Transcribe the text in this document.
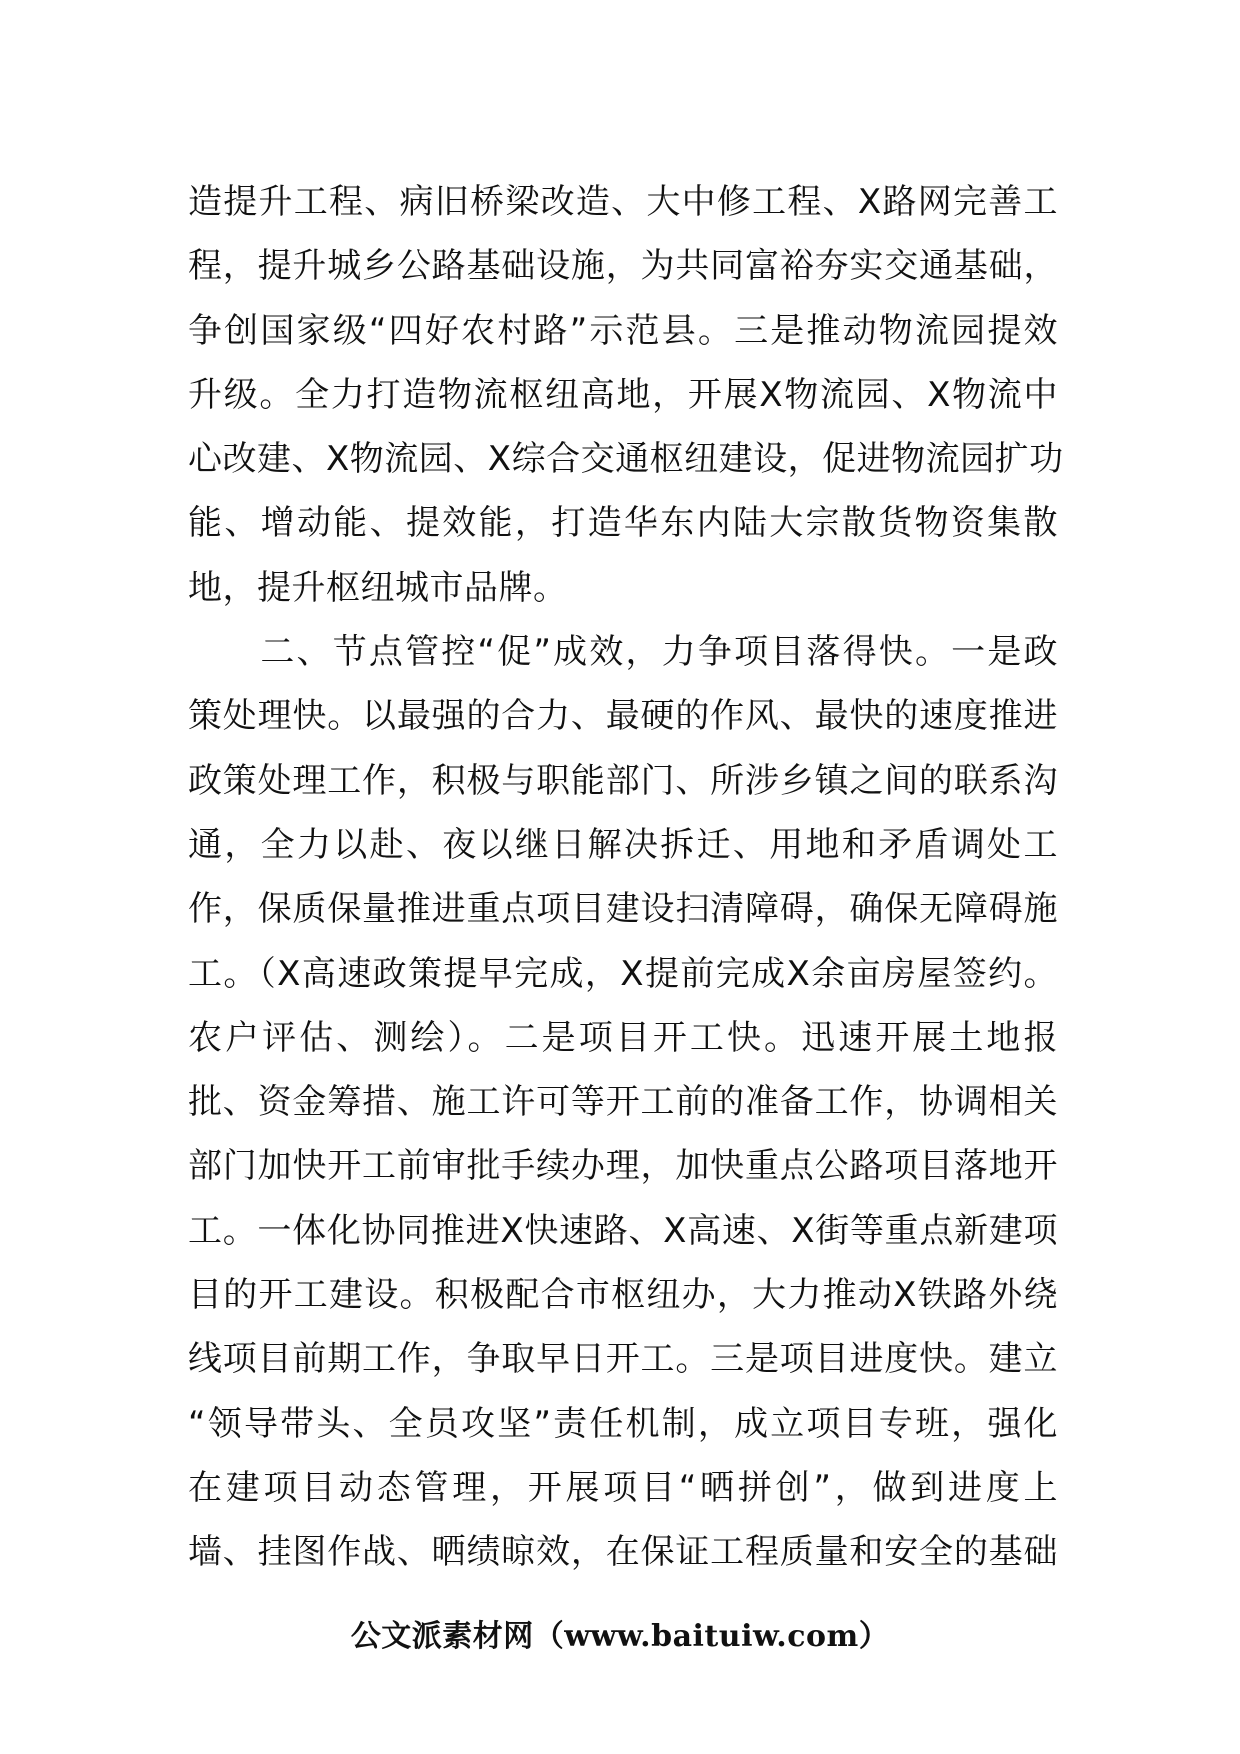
造提升工程、病旧桥梁改造、大中修工程、X路网完善工
程，提升城乡公路基础设施，为共同富裕夯实交通基础，
争创国家级“四好农村路”示范县。三是推动物流园提效
升级。全力打造物流枢纽高地，开展X物流园、X物流中
心改建、X物流园、X综合交通枢纽建设，促进物流园扩功
能、增动能、提效能，打造华东内陆大宗散货物资集散
地，提升枢纽城市品牌。
　　二、节点管控“促”成效，力争项目落得快。一是政
策处理快。以最强的合力、最硬的作风、最快的速度推进
政策处理工作，积极与职能部门、所涉乡镇之间的联系沟
通，全力以赴、夜以继日解决拆迁、用地和矛盾调处工
作，保质保量推进重点项目建设扫清障碍，确保无障碍施
工。（X高速政策提早完成，X提前完成X余亩房屋签约。
农户评估、测绘）。二是项目开工快。迅速开展土地报
批、资金筹措、施工许可等开工前的准备工作，协调相关
部门加快开工前审批手续办理，加快重点公路项目落地开
工。一体化协同推进X快速路、X高速、X街等重点新建项
目的开工建设。积极配合市枢纽办，大力推动X铁路外绕
线项目前期工作，争取早日开工。三是项目进度快。建立
“领导带头、全员攻坚”责任机制，成立项目专班，强化
在建项目动态管理，开展项目“晒拼创”，做到进度上
墙、挂图作战、晒绩晾效，在保证工程质量和安全的基础
公文派素材网（www.baituiw.com）
